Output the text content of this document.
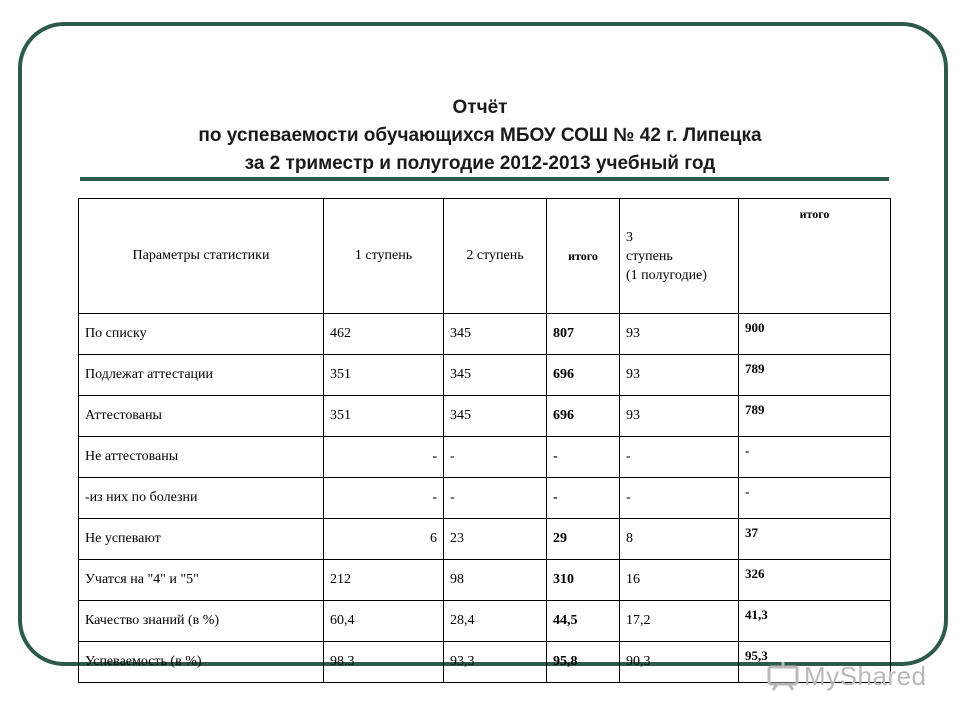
Отчёт
по успеваемости обучающихся МБОУ СОШ № 42 г. Липецка
за 2 триместр и полугодие 2012-2013 учебный год
Параметры статистики	1 ступень	2 ступень	итого	3
ступень
(1 полугодие)	итого
По списку	462	345	807	93	900
Подлежат аттестации	351	345	696	93	789
Аттестованы	351	345	696	93	789
Не аттестованы	-	-	-	-	-
-из них по болезни	-	-	-	-	-
Не успевают	6	23	29	8	37
Учатся на "4" и "5"	212	98	310	16	326
Качество знаний (в %)	60,4	28,4	44,5	17,2	41,3
Успеваемость (в %)	98.3	93,3	95,8	90,3	95,3
MyShared
